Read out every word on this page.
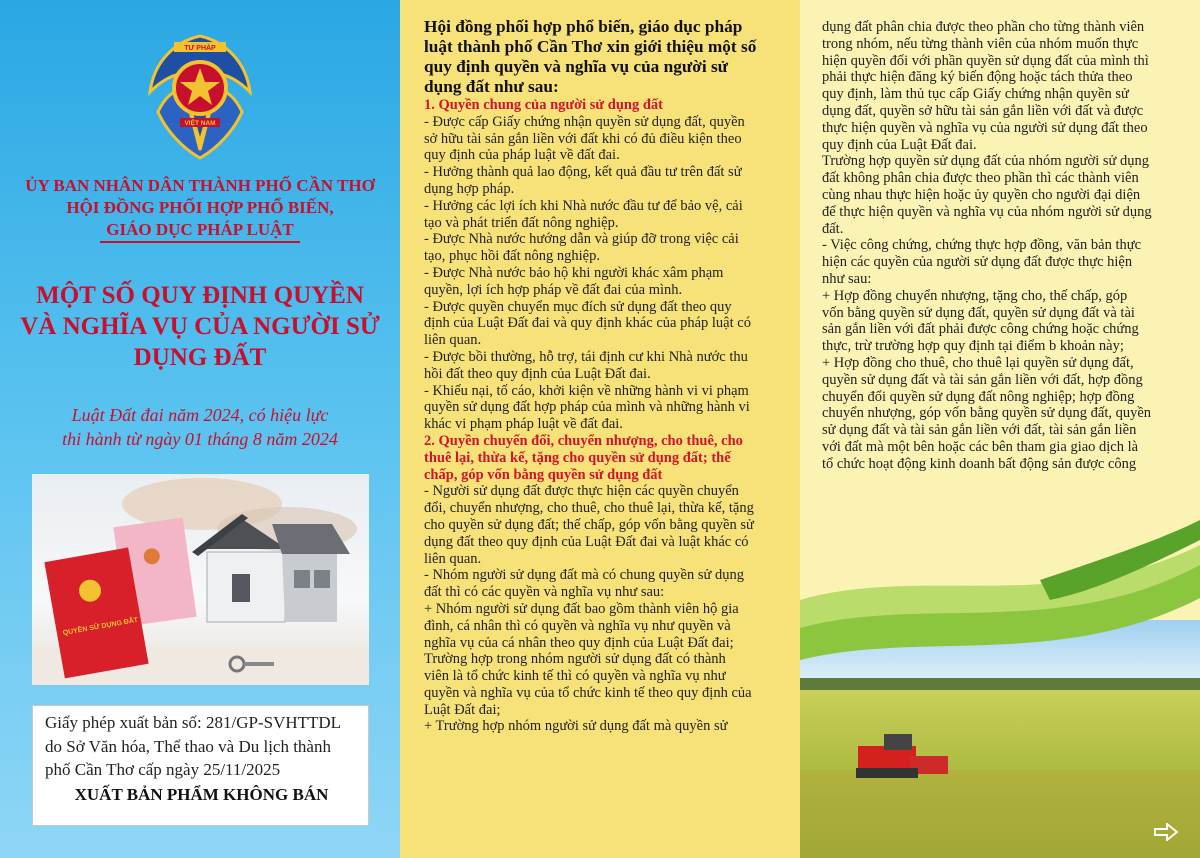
TƯ PHÁP
VIỆT NAM
ỦY BAN NHÂN DÂN THÀNH PHỐ CẦN THƠ
HỘI ĐỒNG PHỐI HỢP PHỔ BIẾN,
GIÁO DỤC PHÁP LUẬT
MỘT SỐ QUY ĐỊNH QUYỀN
VÀ NGHĨA VỤ CỦA NGƯỜI SỬ
DỤNG ĐẤT
Luật Đất đai năm 2024, có hiệu lực
thi hành từ ngày 01 tháng 8 năm 2024
QUYỀN SỬ DỤNG ĐẤT
Giấy phép xuất bản số: 281/GP-SVHTTDL
do Sở Văn hóa, Thể thao và Du lịch thành
phố Cần Thơ cấp ngày 25/11/2025
XUẤT BẢN PHẨM KHÔNG BÁN

Hội đồng phối hợp phổ biến, giáo dục pháp
luật thành phố Cần Thơ xin giới thiệu một số
quy định quyền và nghĩa vụ của người sử
dụng đất như sau:

1. Quyền chung của người sử dụng đất

- Được cấp Giấy chứng nhận quyền sử dụng đất, quyền
sở hữu tài sản gắn liền với đất khi có đủ điều kiện theo
quy định của pháp luật về đất đai.
- Hưởng thành quả lao động, kết quả đầu tư trên đất sử
dụng hợp pháp.
- Hưởng các lợi ích khi Nhà nước đầu tư để bảo vệ, cải
tạo và phát triển đất nông nghiệp.
- Được Nhà nước hướng dẫn và giúp đỡ trong việc cải
tạo, phục hồi đất nông nghiệp.
- Được Nhà nước bảo hộ khi người khác xâm phạm
quyền, lợi ích hợp pháp về đất đai của mình.
- Được quyền chuyển mục đích sử dụng đất theo quy
định của Luật Đất đai và quy định khác của pháp luật có
liên quan.
- Được bồi thường, hỗ trợ, tái định cư khi Nhà nước thu
hồi đất theo quy định của Luật Đất đai.
- Khiếu nại, tố cáo, khởi kiện về những hành vi vi phạm
quyền sử dụng đất hợp pháp của mình và những hành vi
khác vi phạm pháp luật về đất đai.

2. Quyền chuyển đổi, chuyển nhượng, cho thuê, cho
thuê lại, thừa kế, tặng cho quyền sử dụng đất; thế
chấp, góp vốn bằng quyền sử dụng đất

- Người sử dụng đất được thực hiện các quyền chuyển
đổi, chuyển nhượng, cho thuê, cho thuê lại, thừa kế, tặng
cho quyền sử dụng đất; thế chấp, góp vốn bằng quyền sử
dụng đất theo quy định của Luật Đất đai và luật khác có
liên quan.
- Nhóm người sử dụng đất mà có chung quyền sử dụng
đất thì có các quyền và nghĩa vụ như sau:
+ Nhóm người sử dụng đất bao gồm thành viên hộ gia
đình, cá nhân thì có quyền và nghĩa vụ như quyền và
nghĩa vụ của cá nhân theo quy định của Luật Đất đai;
Trường hợp trong nhóm người sử dụng đất có thành
viên là tổ chức kinh tế thì có quyền và nghĩa vụ như
quyền và nghĩa vụ của tổ chức kinh tế theo quy định của
Luật Đất đai;
+ Trường hợp nhóm người sử dụng đất mà quyền sử

dụng đất phân chia được theo phần cho từng thành viên
trong nhóm, nếu từng thành viên của nhóm muốn thực
hiện quyền đối với phần quyền sử dụng đất của mình thì
phải thực hiện đăng ký biến động hoặc tách thửa theo
quy định, làm thủ tục cấp Giấy chứng nhận quyền sử
dụng đất, quyền sở hữu tài sản gắn liền với đất và được
thực hiện quyền và nghĩa vụ của người sử dụng đất theo
quy định của Luật Đất đai.
Trường hợp quyền sử dụng đất của nhóm người sử dụng
đất không phân chia được theo phần thì các thành viên
cùng nhau thực hiện hoặc ủy quyền cho người đại diện
để thực hiện quyền và nghĩa vụ của nhóm người sử dụng
đất.
- Việc công chứng, chứng thực hợp đồng, văn bản thực
hiện các quyền của người sử dụng đất được thực hiện
như sau:
+ Hợp đồng chuyển nhượng, tặng cho, thế chấp, góp
vốn bằng quyền sử dụng đất, quyền sử dụng đất và tài
sản gắn liền với đất phải được công chứng hoặc chứng
thực, trừ trường hợp quy định tại điểm b khoản này;
+ Hợp đồng cho thuê, cho thuê lại quyền sử dụng đất,
quyền sử dụng đất và tài sản gắn liền với đất, hợp đồng
chuyển đổi quyền sử dụng đất nông nghiệp; hợp đồng
chuyển nhượng, góp vốn bằng quyền sử dụng đất, quyền
sử dụng đất và tài sản gắn liền với đất, tài sản gắn liền
với đất mà một bên hoặc các bên tham gia giao dịch là
tổ chức hoạt động kinh doanh bất động sản được công
